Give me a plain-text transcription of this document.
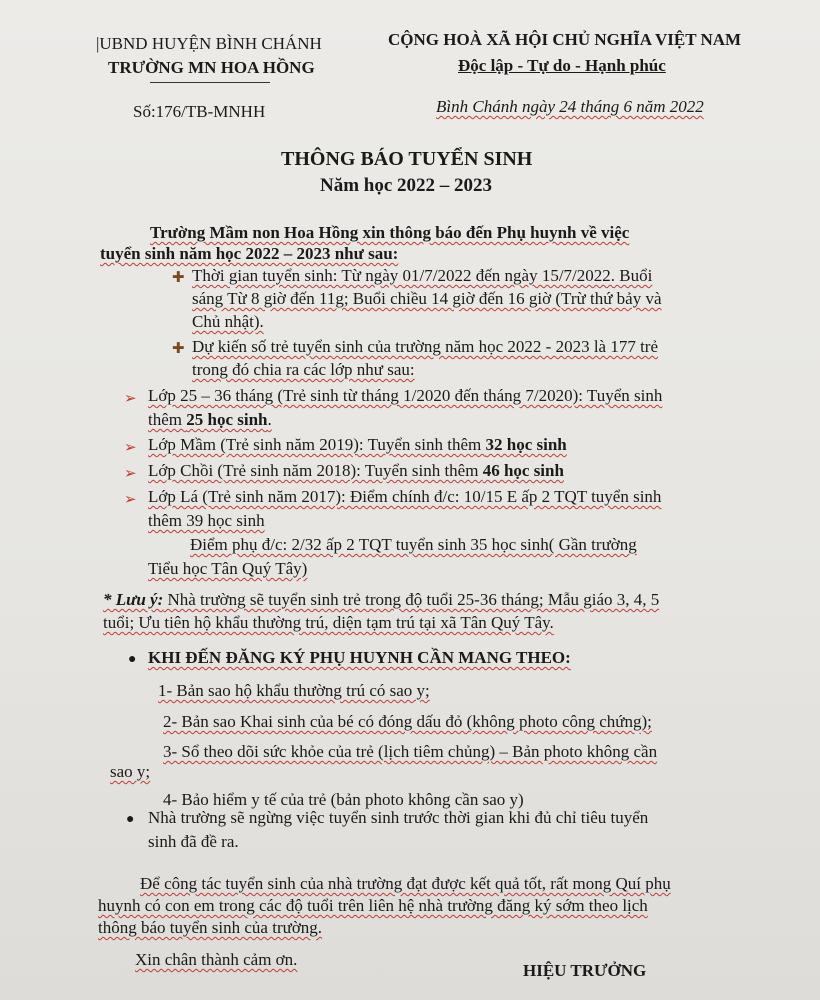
|UBND HUYỆN BÌNH CHÁNH
TRƯỜNG MN HOA HỒNG
CỘNG HOÀ XÃ HỘI CHỦ NGHĨA VIỆT NAM
Độc lập - Tự do - Hạnh phúc
Số:176/TB-MNHH	Bình Chánh ngày 24 tháng 6 năm 2022
THÔNG BÁO TUYỂN SINH
Năm học 2022 – 2023
Trường Mầm non Hoa Hồng xin thông báo đến Phụ huynh về việc
tuyển sinh năm học 2022 – 2023 như sau:
✚ Thời gian tuyển sinh: Từ ngày 01/7/2022 đến ngày 15/7/2022. Buổi
sáng Từ 8 giờ đến 11g; Buổi chiều 14 giờ đến 16 giờ (Trừ thứ bảy và
Chủ nhật).
✚ Dự kiến số trẻ tuyển sinh của trường năm học 2022 - 2023 là 177 trẻ
trong đó chia ra các lớp như sau:
➢ Lớp 25 – 36 tháng (Trẻ sinh từ tháng 1/2020 đến tháng 7/2020): Tuyển sinh
thêm 25 học sinh.
➢ Lớp Mầm (Trẻ sinh năm 2019): Tuyển sinh thêm 32 học sinh
➢ Lớp Chồi (Trẻ sinh năm 2018): Tuyển sinh thêm 46 học sinh
➢ Lớp Lá (Trẻ sinh năm 2017): Điểm chính đ/c: 10/15 E ấp 2 TQT tuyển sinh
thêm 39 học sinh
Điểm phụ đ/c: 2/32 ấp 2 TQT tuyển sinh 35 học sinh( Gần trường
Tiểu học Tân Quý Tây)
* Lưu ý: Nhà trường sẽ tuyển sinh trẻ trong độ tuổi 25-36 tháng; Mẫu giáo 3, 4, 5
tuổi; Ưu tiên hộ khẩu thường trú, diện tạm trú tại xã Tân Quý Tây.
● KHI ĐẾN ĐĂNG KÝ PHỤ HUYNH CẦN MANG THEO:
1- Bản sao hộ khẩu thường trú có sao y;
2- Bản sao Khai sinh của bé có đóng dấu đỏ (không photo công chứng);
3- Sổ theo dõi sức khỏe của trẻ (lịch tiêm chủng) – Bản photo không cần
sao y;
4- Bảo hiểm y tế của trẻ (bản photo không cần sao y)
● Nhà trường sẽ ngừng việc tuyển sinh trước thời gian khi đủ chỉ tiêu tuyển
sinh đã đề ra.
Để công tác tuyển sinh của nhà trường đạt được kết quả tốt, rất mong Quí phụ
huynh có con em trong các độ tuổi trên liên hệ nhà trường đăng ký sớm theo lịch
thông báo tuyển sinh của trường.
Xin chân thành cảm ơn.
HIỆU TRƯỞNG
